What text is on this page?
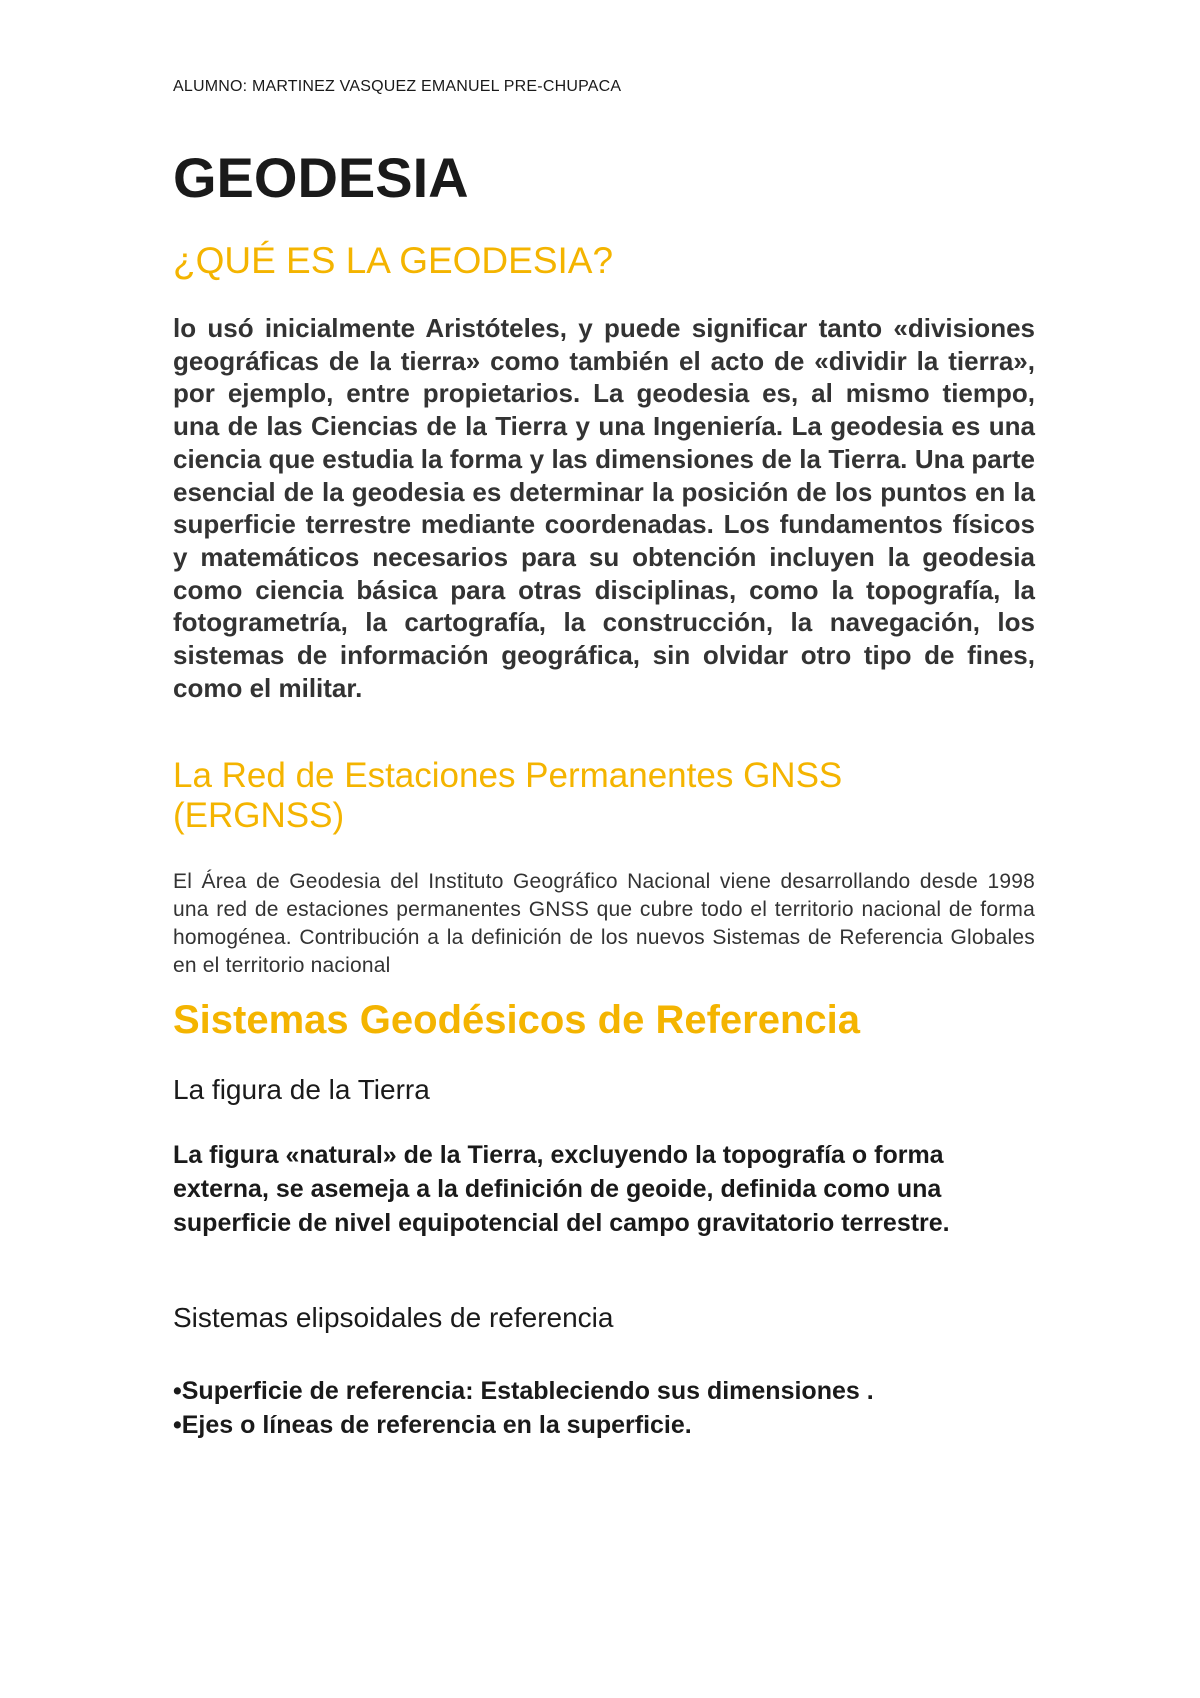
ALUMNO: MARTINEZ VASQUEZ EMANUEL PRE-CHUPACA
GEODESIA
¿QUÉ ES LA GEODESIA?

lo usó inicialmente Aristóteles, y puede significar tanto «divisiones geográficas de la tierra» como también el acto de «dividir la tierra», por ejemplo, entre propietarios. La geodesia es, al mismo tiempo, una de las Ciencias de la Tierra y una Ingeniería. La geodesia es una ciencia que estudia la forma y las dimensiones de la Tierra. Una parte esencial de la geodesia es determinar la posición de los puntos en la superficie terrestre mediante coordenadas. Los fundamentos físicos y matemáticos necesarios para su obtención incluyen la geodesia como ciencia básica para otras disciplinas, como la topografía, la fotogrametría, la cartografía, la construcción, la navegación, los sistemas de información geográfica, sin olvidar otro tipo de fines, como el militar.

La Red de Estaciones Permanentes GNSS (ERGNSS)

El Área de Geodesia del Instituto Geográfico Nacional viene desarrollando desde 1998 una red de estaciones permanentes GNSS que cubre todo el territorio nacional de forma homogénea. Contribución a la definición de los nuevos Sistemas de Referencia Globales en el territorio nacional

Sistemas Geodésicos de Referencia
La figura de la Tierra

La figura «natural» de la Tierra, excluyendo la topografía o forma externa, se asemeja a la definición de geoide, definida como una superficie de nivel equipotencial del campo gravitatorio terrestre.

Sistemas elipsoidales de referencia
•Superficie de referencia: Estableciendo sus dimensiones .
•Ejes o líneas de referencia en la superficie.
